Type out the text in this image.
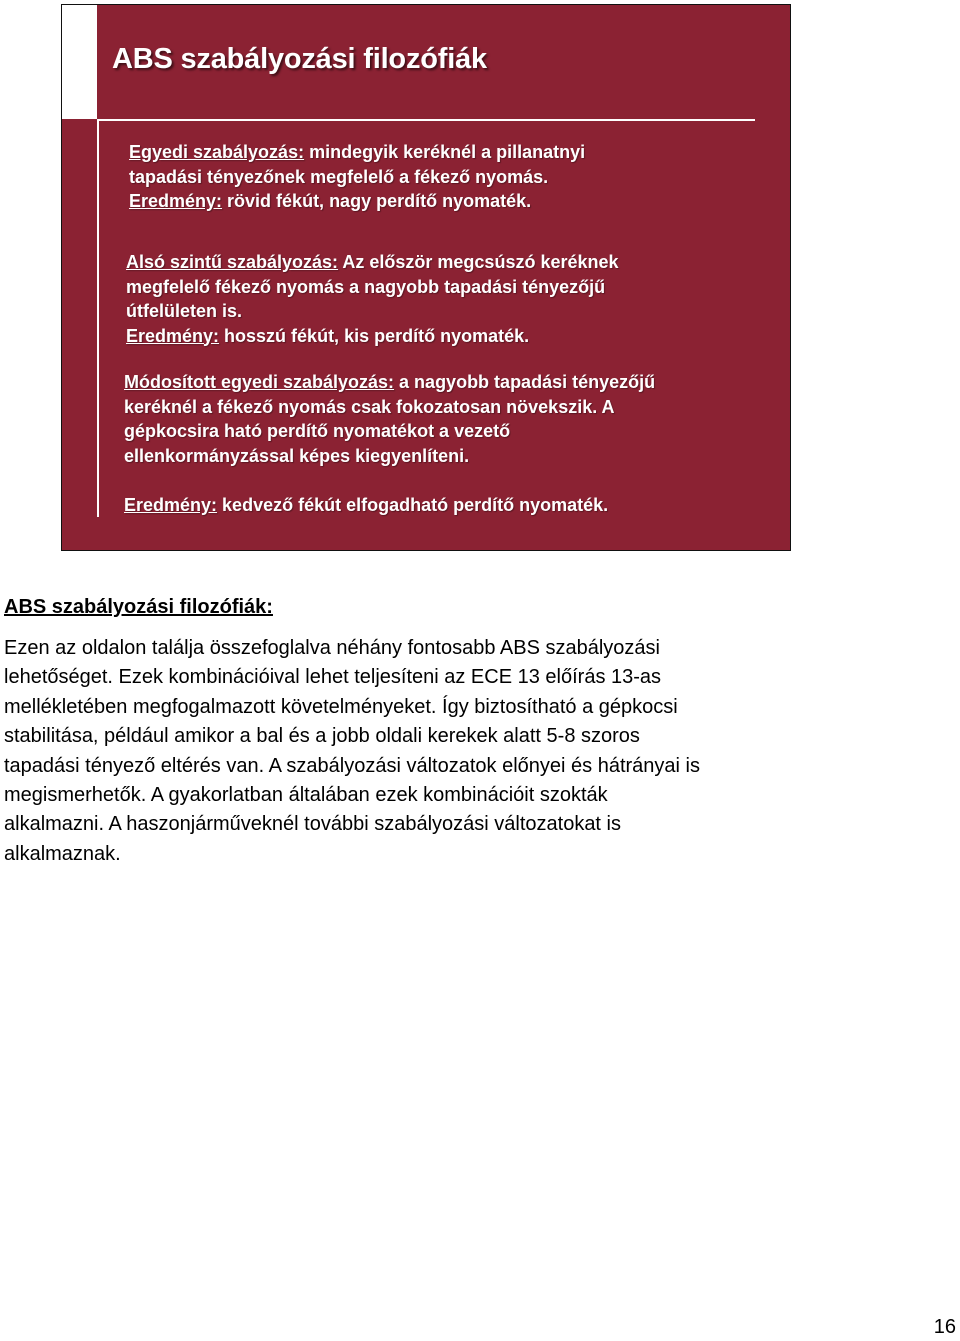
ABS szabályozási filozófiák
Egyedi szabályozás: mindegyik keréknél a pillanatnyi
tapadási tényezőnek megfelelő a fékező nyomás.
Eredmény: rövid fékút, nagy perdítő nyomaték.
Alsó szintű szabályozás: Az először megcsúszó keréknek
megfelelő fékező nyomás a nagyobb tapadási tényezőjű
útfelületen is.
Eredmény: hosszú fékút, kis perdítő nyomaték.
Módosított egyedi szabályozás: a nagyobb tapadási tényezőjű
keréknél a fékező nyomás csak fokozatosan növekszik. A
gépkocsira ható perdítő nyomatékot a vezető
ellenkormányzással képes kiegyenlíteni.
Eredmény: kedvező fékút elfogadható perdítő nyomaték.
ABS szabályozási filozófiák:
Ezen az oldalon találja összefoglalva néhány fontosabb ABS szabályozási
lehetőséget. Ezek kombinációival lehet teljesíteni az ECE 13 előírás 13-as
mellékletében megfogalmazott követelményeket. Így biztosítható a gépkocsi
stabilitása, például amikor a bal és a jobb oldali kerekek alatt 5-8 szoros
tapadási tényező eltérés van. A szabályozási változatok előnyei és hátrányai is
megismerhetők. A gyakorlatban általában ezek kombinációit szokták
alkalmazni. A haszonjárműveknél további szabályozási változatokat is
alkalmaznak.
16
